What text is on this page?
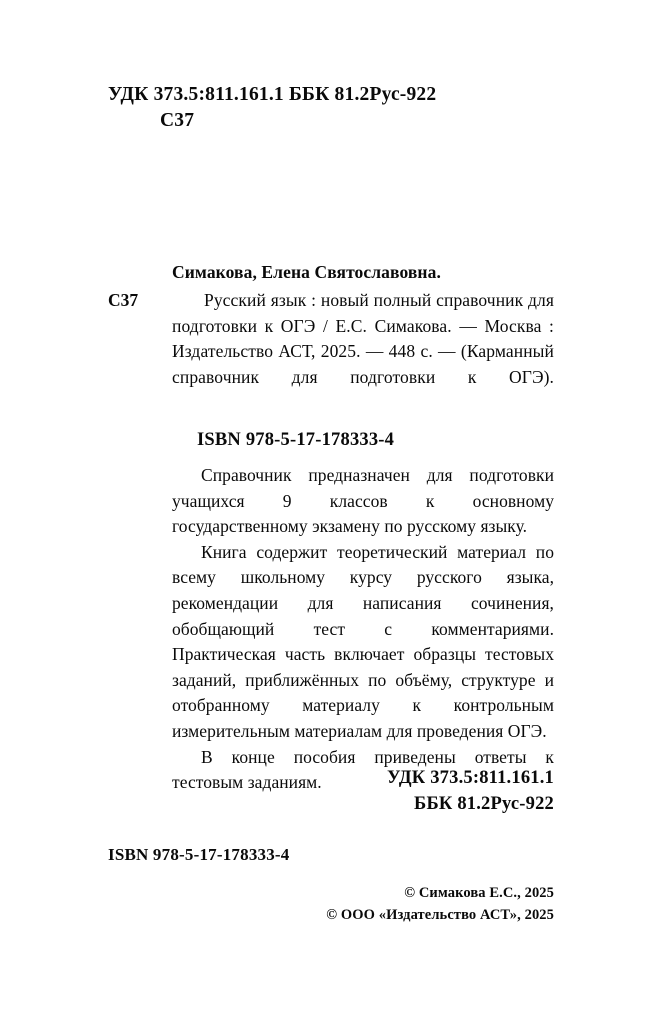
УДК 373.5:811.161.1 ББК 81.2Рус-922
С37
Симакова, Елена Святославовна.
С37	Русский язык : новый полный справочник для подготовки к ОГЭ / Е.С. Симакова. — Москва : Издательство АСТ, 2025. — 448 с. — (Карманный справочник для подготовки к ОГЭ).
ISBN 978-5-17-178333-4

Справочник предназначен для подготовки учащихся 9 классов к основному государственному экзамену по русскому языку.

Книга содержит теоретический материал по всему школьному курсу русского языка, рекомендации для написания сочинения, обобщающий тест с комментариями. Практическая часть включает образцы тестовых заданий, приближённых по объёму, структуре и отобранному материалу к контрольным измерительным материалам для проведения ОГЭ.

В конце пособия приведены ответы к тестовым заданиям.	УДК 373.5:811.161.1
ББК 81.2Рус-922
ISBN 978-5-17-178333-4
© Симакова Е.С., 2025
© ООО «Издательство АСТ», 2025
